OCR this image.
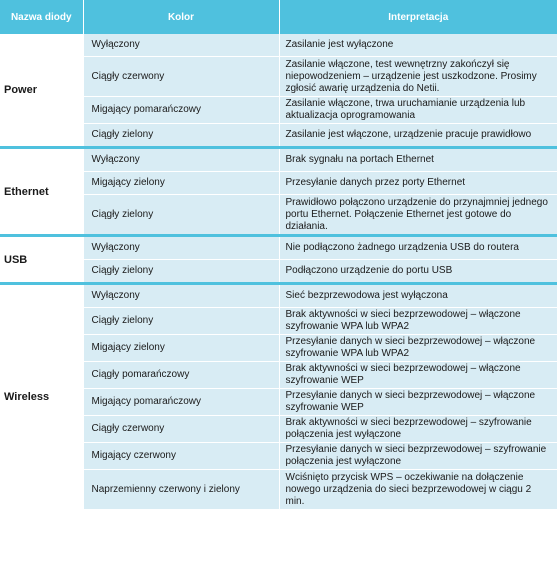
Nazwa diody	Kolor	Interpretacja
Power	Wyłączony	Zasilanie jest wyłączone
	Ciągły czerwony	Zasilanie włączone, test wewnętrzny zakończył się niepowodzeniem – urządzenie jest uszkodzone. Prosimy zgłosić awarię urządzenia do Netii.
	Migający pomarańczowy	Zasilanie włączone, trwa uruchamianie urządzenia lub aktualizacja oprogramowania
	Ciągły zielony	Zasilanie jest włączone, urządzenie pracuje prawidłowo
Ethernet	Wyłączony	Brak sygnału na portach Ethernet
	Migający zielony	Przesyłanie danych przez porty Ethernet
	Ciągły zielony	Prawidłowo połączono urządzenie do przynajmniej jednego portu Ethernet. Połączenie Ethernet jest gotowe do działania.
USB	Wyłączony	Nie podłączono żadnego urządzenia USB do routera
	Ciągły zielony	Podłączono urządzenie do portu USB
Wireless	Wyłączony	Sieć bezprzewodowa jest wyłączona
	Ciągły zielony	Brak aktywności w sieci bezprzewodowej – włączone szyfrowanie WPA lub WPA2
	Migający zielony	Przesyłanie danych w sieci bezprzewodowej – włączone szyfrowanie WPA lub WPA2
	Ciągły pomarańczowy	Brak aktywności w sieci bezprzewodowej – włączone szyfrowanie WEP
	Migający pomarańczowy	Przesyłanie danych w sieci bezprzewodowej – włączone szyfrowanie WEP
	Ciągły czerwony	Brak aktywności w sieci bezprzewodowej – szyfrowanie połączenia jest wyłączone
	Migający czerwony	Przesyłanie danych w sieci bezprzewodowej – szyfrowanie połączenia jest wyłączone
	Naprzemienny czerwony i zielony	Wciśnięto przycisk WPS – oczekiwanie na dołączenie nowego urządzenia do sieci bezprzewodowej w ciągu 2 min.
